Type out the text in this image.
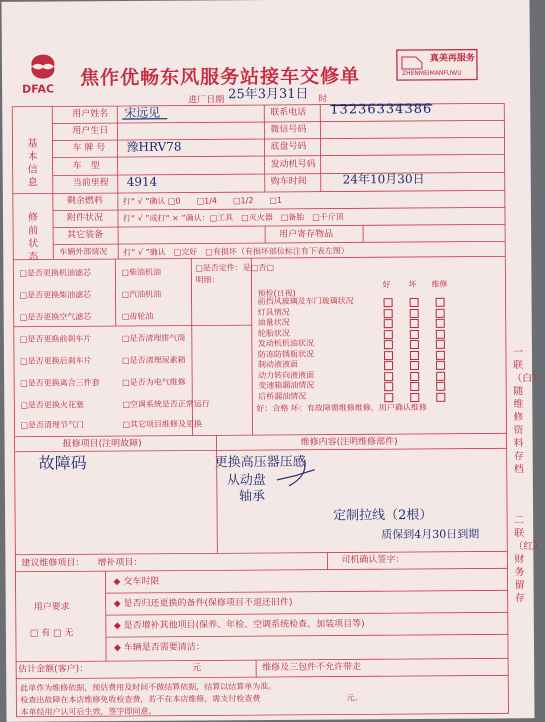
DFAC 焦作优畅东风服务站接车交修单
真美再服务
ZHENMEIMANFUWU
进厂日期 25年3月31日 时
基本信息
修前状态
用户姓名 宋远见	联系电话 13236334386
用户生日	微信号码
车 牌 号 豫HRV78	底盘号码
车　型	发动机号码
当前里程 4914	购车时间	24年10月30日
剩余燃料 打“ √ ”确认 □0　　□1/4　　□1/2　　□1
附件状况 打“ √ ”或打“ × ”确认：□工具　□灭火器　□备胎　□千斤顶
其它装备	用户寄存物品
车辆外部情况 打“ √ ”确认　□完好　□有损坏（有损坏部位标注有下表左图）
□是否更换机油滤芯
□是否更换柴油滤芯
□是否更换空气滤芯
□是否更换前刹车片
□是否更换后刹车片
□是否更换离合三件套
□是否更换火花塞
□是否清理节气门
□柴油机油
□汽油机油
□齿轮油
□是否清理排气筒
□是否清理尿素箱
□是否为电气维修
□空调系统是否正常运行
□其它项目维修及更换
□是否定件：是□否□
明细：
预检(日视)
好 坏 维修
好：合格 坏：有故障需维修维修，用户确认维修
报修项目(注明故障)	维修内容(注明维修部件)
故障码	更换高压器压感
从动盘
轴承
定制拉线（2根）
质保到4月30日到期
建议维修项目： 增补项目：	司机确认签字：
用户要求
□ 有 □ 无
◆ 交车时限
◆ 是否归还更换的备件(保修项目不退还旧件)
◆ 是否增补其他项目(保养、年检、空调系统检查、加装项目等)
◆ 车辆是否需要清洁：
估计金额(客户)：	元	维修及三包件不允许带走
此单作为维修依据，预估费用及时间不做结算依据，结算以结算单为准。
检查出故障在本店维修免收检查费，若不在本店维修，需支付检查费	元。
本单经用户认可后生效，签字即同意。
一联（白）随维修资料存档
二联（红）财务留存
前挡风玻璃及车门玻璃状况
灯具情况
油量状况
轮胎状况
发动机机油状况
防冻防锈瓶状况
制动液液面
动力转向液液面
变速箱漏油情况
后桥漏油情况
